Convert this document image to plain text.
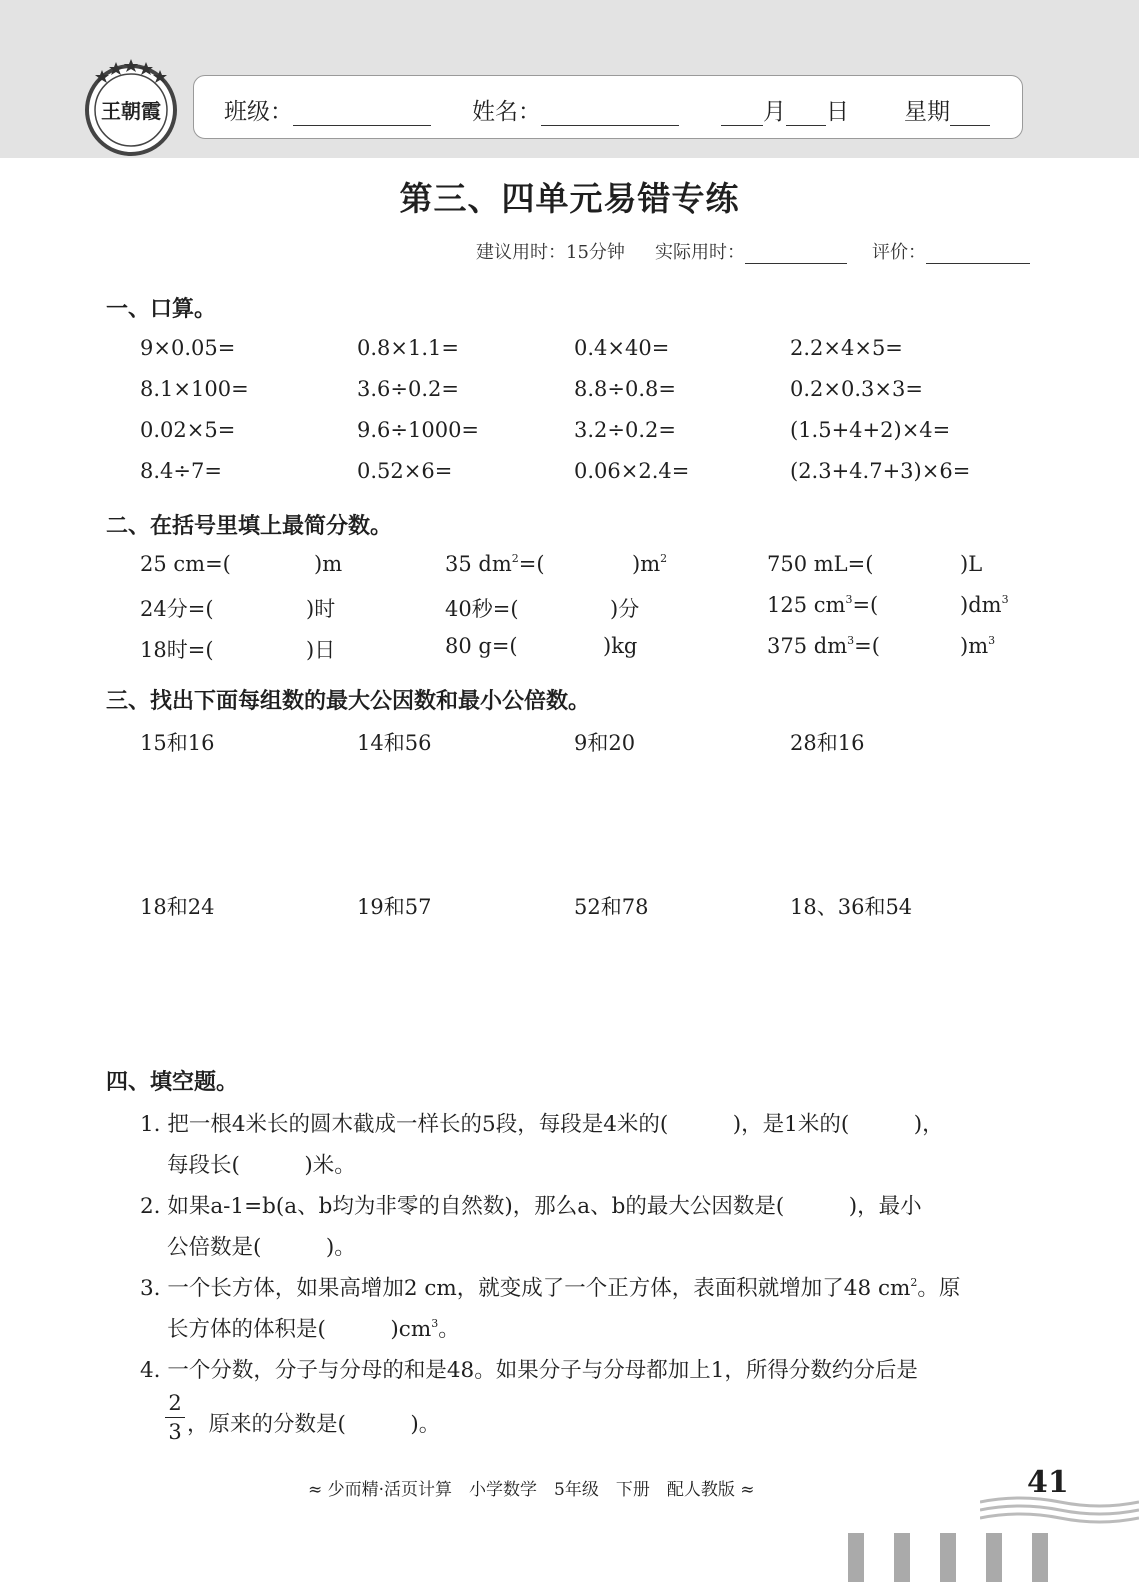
王朝霞	班级：	姓名：	月 日 星期
第三、四单元易错专练
建议用时：15分钟 实际用时：	评价：
一、口算。
9×0.05=	0.8×1.1=	0.4×40=	2.2×4×5=
8.1×100=	3.6÷0.2=	8.8÷0.8=	0.2×0.3×3=
0.02×5=	9.6÷1000=	3.2÷0.2=	(1.5+4+2)×4=
8.4÷7=	0.52×6=	0.06×2.4=	(2.3+4.7+3)×6=
二、在括号里填上最简分数。
25 cm=(	)m	35 $dm^2=$(	)$m^2$	750 mL=(	)L
24分=(	)时	40秒=(	)分	125 $cm^3=$(	)$dm^3$
18时=(	)日	80 g=(	)kg	375 $dm^3=$(	)$m^3$
三、找出下面每组数的最大公因数和最小公倍数。
15和16	14和56	9和20	28和16
18和24	19和57	52和78	18、36和54
四、填空题。
1. 把一根4米长的圆木截成一样长的5段，每段是4米的(　　　)，是1米的(　　　)，
每段长(　　　)米。
2. 如果a-1=b(a、b均为非零的自然数)，那么a、b的最大公因数是(　　　)，最小
公倍数是(　　　)。
3. 一个长方体，如果高增加2 cm，就变成了一个正方体，表面积就增加了48 $cm^2$。原
长方体的体积是(　　　)$cm^3$。
4. 一个分数，分子与分母的和是48。如果分子与分母都加上1，所得分数约分后是
2
3 ，原来的分数是(　　　)。
≈ 少而精·活页计算　小学数学　5年级　下册　配人教版 ≈	41
